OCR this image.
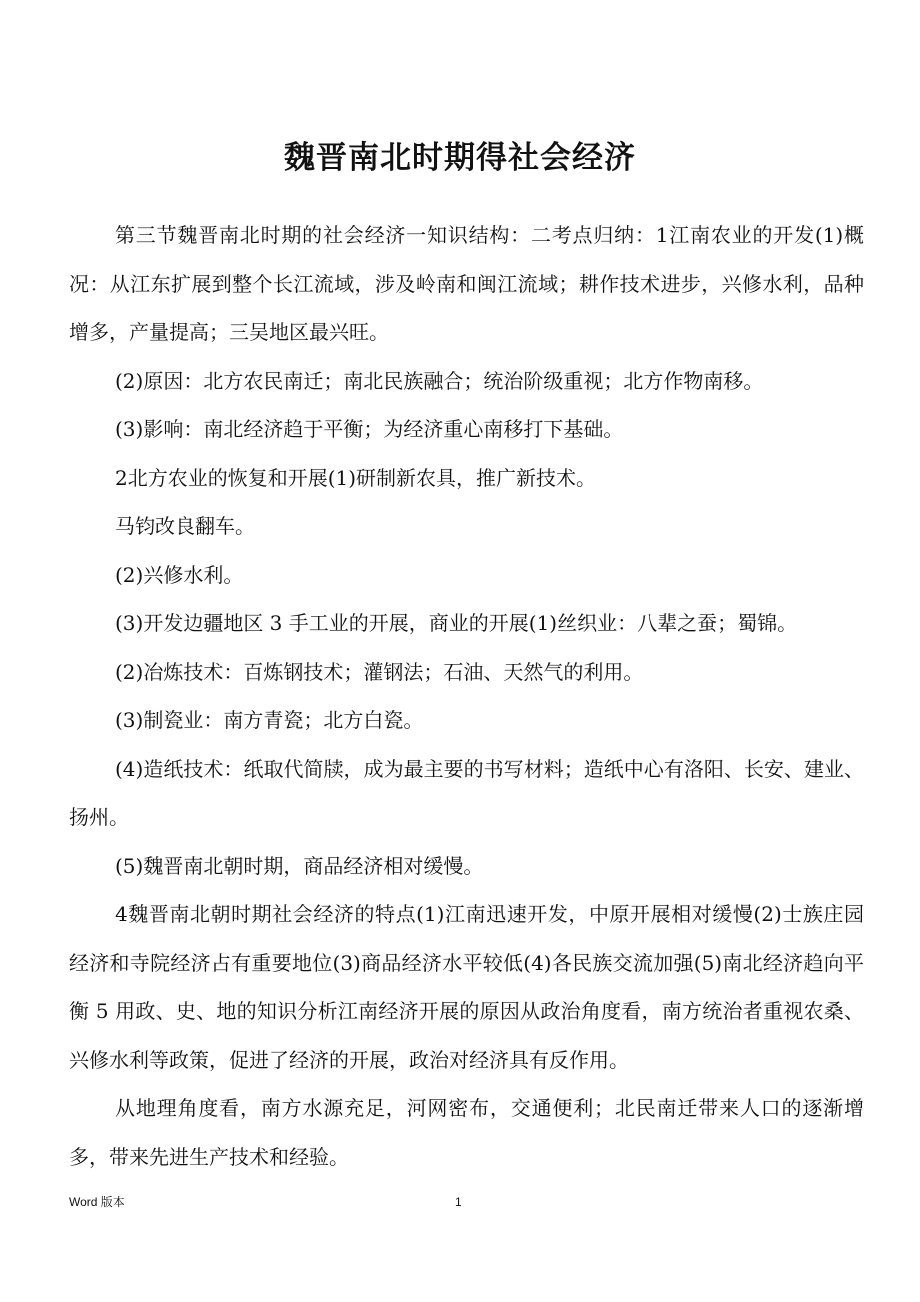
魏晋南北时期得社会经济

第三节魏晋南北时期的社会经济一知识结构：二考点归纳：1江南农业的开发(1)概况：从江东扩展到整个长江流域，涉及岭南和闽江流域；耕作技术进步，兴修水利，品种增多，产量提高；三吴地区最兴旺。

(2)原因：北方农民南迁；南北民族融合；统治阶级重视；北方作物南移。

(3)影响：南北经济趋于平衡；为经济重心南移打下基础。

2北方农业的恢复和开展(1)研制新农具，推广新技术。

马钧改良翻车。

(2)兴修水利。

(3)开发边疆地区 3 手工业的开展，商业的开展(1)丝织业：八辈之蚕；蜀锦。

(2)冶炼技术：百炼钢技术；灌钢法；石油、天然气的利用。

(3)制瓷业：南方青瓷；北方白瓷。

(4)造纸技术：纸取代简牍，成为最主要的书写材料；造纸中心有洛阳、长安、建业、扬州。

(5)魏晋南北朝时期，商品经济相对缓慢。

4魏晋南北朝时期社会经济的特点(1)江南迅速开发，中原开展相对缓慢(2)士族庄园经济和寺院经济占有重要地位(3)商品经济水平较低(4)各民族交流加强(5)南北经济趋向平衡 5 用政、史、地的知识分析江南经济开展的原因从政治角度看，南方统治者重视农桑、兴修水利等政策，促进了经济的开展，政治对经济具有反作用。

从地理角度看，南方水源充足，河网密布，交通便利；北民南迁带来人口的逐渐增多，带来先进生产技术和经验。

Word 版本	1
